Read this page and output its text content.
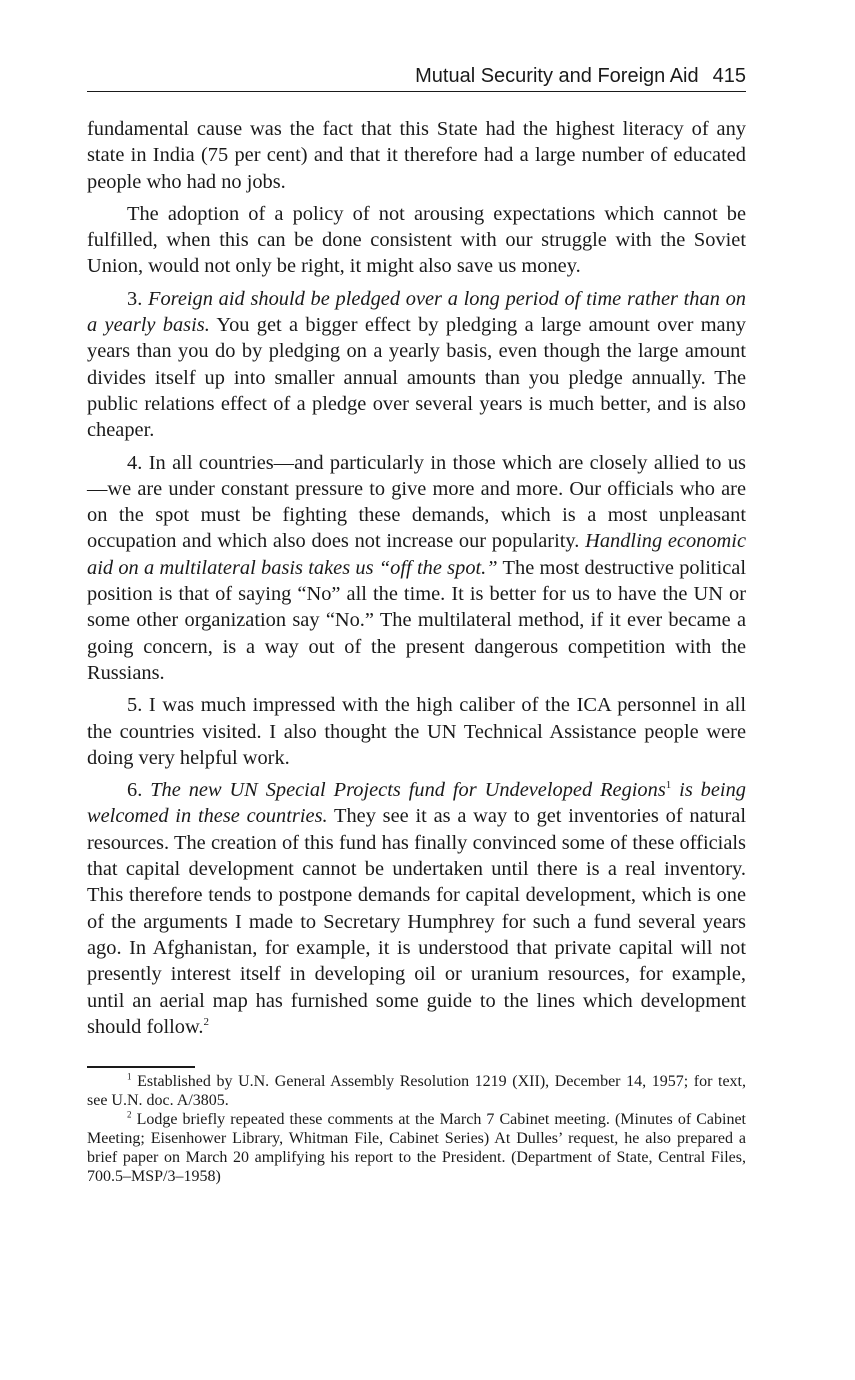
Mutual Security and Foreign Aid 415

fundamental cause was the fact that this State had the highest literacy of any state in India (75 per cent) and that it therefore had a large number of educated people who had no jobs.

The adoption of a policy of not arousing expectations which cannot be fulfilled, when this can be done consistent with our struggle with the Soviet Union, would not only be right, it might also save us money.

3. Foreign aid should be pledged over a long period of time rather than on a yearly basis. You get a bigger effect by pledging a large amount over many years than you do by pledging on a yearly basis, even though the large amount divides itself up into smaller annual amounts than you pledge annually. The public relations effect of a pledge over several years is much better, and is also cheaper.

4. In all countries—and particularly in those which are closely allied to us—we are under constant pressure to give more and more. Our officials who are on the spot must be fighting these demands, which is a most unpleasant occupation and which also does not increase our popularity. Handling economic aid on a multilateral basis takes us “off the spot.” The most destructive political position is that of saying “No” all the time. It is better for us to have the UN or some other organization say “No.” The multilateral method, if it ever became a going concern, is a way out of the present dangerous competition with the Russians.

5. I was much impressed with the high caliber of the ICA personnel in all the countries visited. I also thought the UN Technical Assistance people were doing very helpful work.

6. The new UN Special Projects fund for Undeveloped Regions$^1$ is being welcomed in these countries. They see it as a way to get inventories of natural resources. The creation of this fund has finally convinced some of these officials that capital development cannot be undertaken until there is a real inventory. This therefore tends to postpone demands for capital development, which is one of the arguments I made to Secretary Humphrey for such a fund several years ago. In Afghanistan, for example, it is understood that private capital will not presently interest itself in developing oil or uranium resources, for example, until an aerial map has furnished some guide to the lines which development should follow.$^2$

$^1$ Established by U.N. General Assembly Resolution 1219 (XII), December 14, 1957; for text, see U.N. doc. A/3805.

$^2$ Lodge briefly repeated these comments at the March 7 Cabinet meeting. (Minutes of Cabinet Meeting; Eisenhower Library, Whitman File, Cabinet Series) At Dulles’ request, he also prepared a brief paper on March 20 amplifying his report to the President. (Department of State, Central Files, 700.5–MSP/3–1958)
